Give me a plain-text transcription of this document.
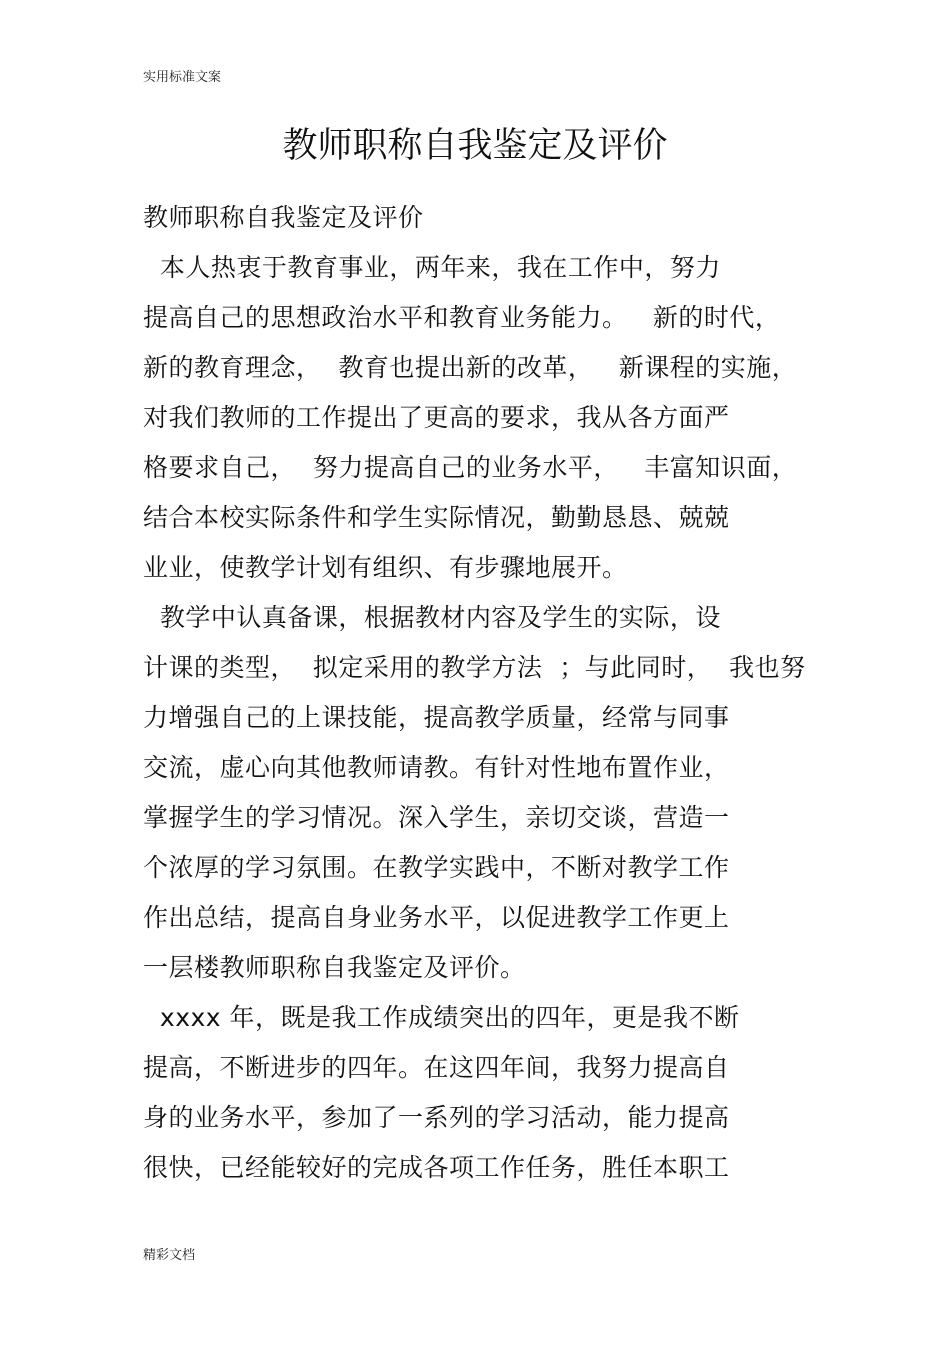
实用标准文案
教师职称自我鉴定及评价
教师职称自我鉴定及评价
本人热衷于教育事业，两年来，我在工作中，努力
提高自己的思想政治水平和教育业务能力。   新的时代，
新的教育理念，  教育也提出新的改革，   新课程的实施，
对我们教师的工作提出了更高的要求，我从各方面严
格要求自己，  努力提高自己的业务水平，   丰富知识面，
结合本校实际条件和学生实际情况，勤勤恳恳、兢兢
业业，使教学计划有组织、有步骤地展开。
教学中认真备课，根据教材内容及学生的实际，设
计课的类型，  拟定采用的教学方法  ；与此同时，  我也努
力增强自己的上课技能，提高教学质量，经常与同事
交流，虚心向其他教师请教。有针对性地布置作业，
掌握学生的学习情况。深入学生，亲切交谈，营造一
个浓厚的学习氛围。在教学实践中，不断对教学工作
作出总结，提高自身业务水平，以促进教学工作更上
一层楼教师职称自我鉴定及评价。
xxxx 年，既是我工作成绩突出的四年，更是我不断
提高，不断进步的四年。在这四年间，我努力提高自
身的业务水平，参加了一系列的学习活动，能力提高
很快，已经能较好的完成各项工作任务，胜任本职工
精彩文档
